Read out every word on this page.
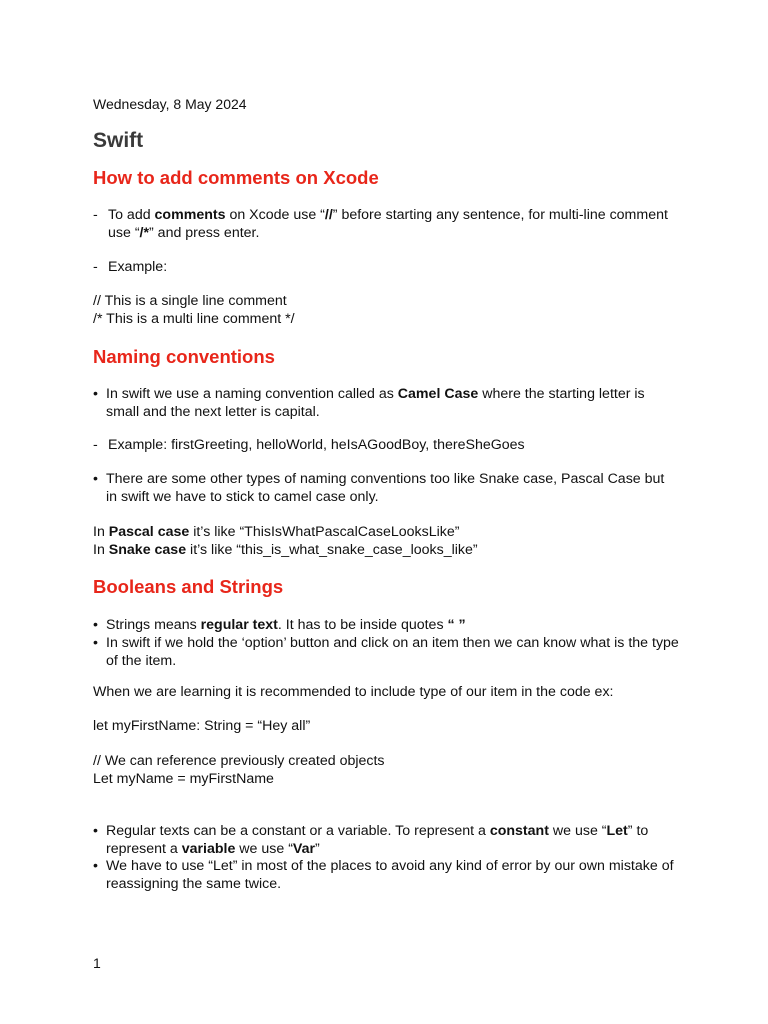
Wednesday, 8 May 2024
Swift
How to add comments on Xcode
- To add comments on Xcode use “//” before starting any sentence, for multi-line comment use “/*” and press enter.
- Example:
// This is a single line comment
/* This is a multi line comment */
Naming conventions
• In swift we use a naming convention called as Camel Case where the starting letter is small and the next letter is capital.
- Example: firstGreeting, helloWorld, heIsAGoodBoy, thereSheGoes
• There are some other types of naming conventions too like Snake case, Pascal Case but in swift we have to stick to camel case only.
In Pascal case it’s like “ThisIsWhatPascalCaseLooksLike”
In Snake case it’s like “this_is_what_snake_case_looks_like”
Booleans and Strings
• Strings means regular text. It has to be inside quotes “ ”
• In swift if we hold the ‘option’ button and click on an item then we can know what is the type of the item.
When we are learning it is recommended to include type of our item in the code ex:
let myFirstName: String = “Hey all”
// We can reference previously created objects
Let myName = myFirstName
• Regular texts can be a constant or a variable. To represent a constant we use “Let” to represent a variable we use “Var”
• We have to use “Let” in most of the places to avoid any kind of error by our own mistake of reassigning the same twice.
1
